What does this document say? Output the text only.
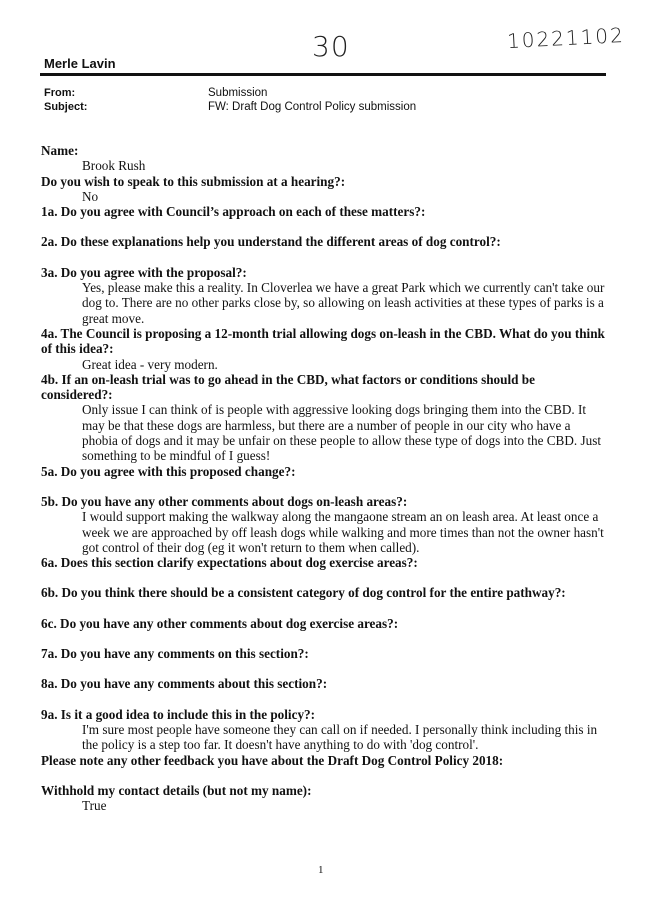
30	10221102
Merle Lavin
From:	Submission
Subject:	FW: Draft Dog Control Policy submission
Name:
Brook Rush
Do you wish to speak to this submission at a hearing?:
No
1a. Do you agree with Council’s approach on each of these matters?:
2a. Do these explanations help you understand the different areas of dog control?:
3a. Do you agree with the proposal?:
Yes, please make this a reality. In Cloverlea we have a great Park which we currently can't take our dog to. There are no other parks close by, so allowing on leash activities at these types of parks is a great move.
4a. The Council is proposing a 12-month trial allowing dogs on-leash in the CBD. What do you think of this idea?:
Great idea - very modern.
4b. If an on-leash trial was to go ahead in the CBD, what factors or conditions should be considered?:
Only issue I can think of is people with aggressive looking dogs bringing them into the CBD. It may be that these dogs are harmless, but there are a number of people in our city who have a phobia of dogs and it may be unfair on these people to allow these type of dogs into the CBD. Just something to be mindful of I guess!
5a. Do you agree with this proposed change?:
5b. Do you have any other comments about dogs on-leash areas?:
I would support making the walkway along the mangaone stream an on leash area. At least once a week we are approached by off leash dogs while walking and more times than not the owner hasn't got control of their dog (eg it won't return to them when called).
6a. Does this section clarify expectations about dog exercise areas?:
6b. Do you think there should be a consistent category of dog control for the entire pathway?:
6c. Do you have any other comments about dog exercise areas?:
7a. Do you have any comments on this section?:
8a. Do you have any comments about this section?:
9a. Is it a good idea to include this in the policy?:
I'm sure most people have someone they can call on if needed. I personally think including this in the policy is a step too far. It doesn't have anything to do with 'dog control'.
Please note any other feedback you have about the Draft Dog Control Policy 2018:
Withhold my contact details (but not my name):
True
1
